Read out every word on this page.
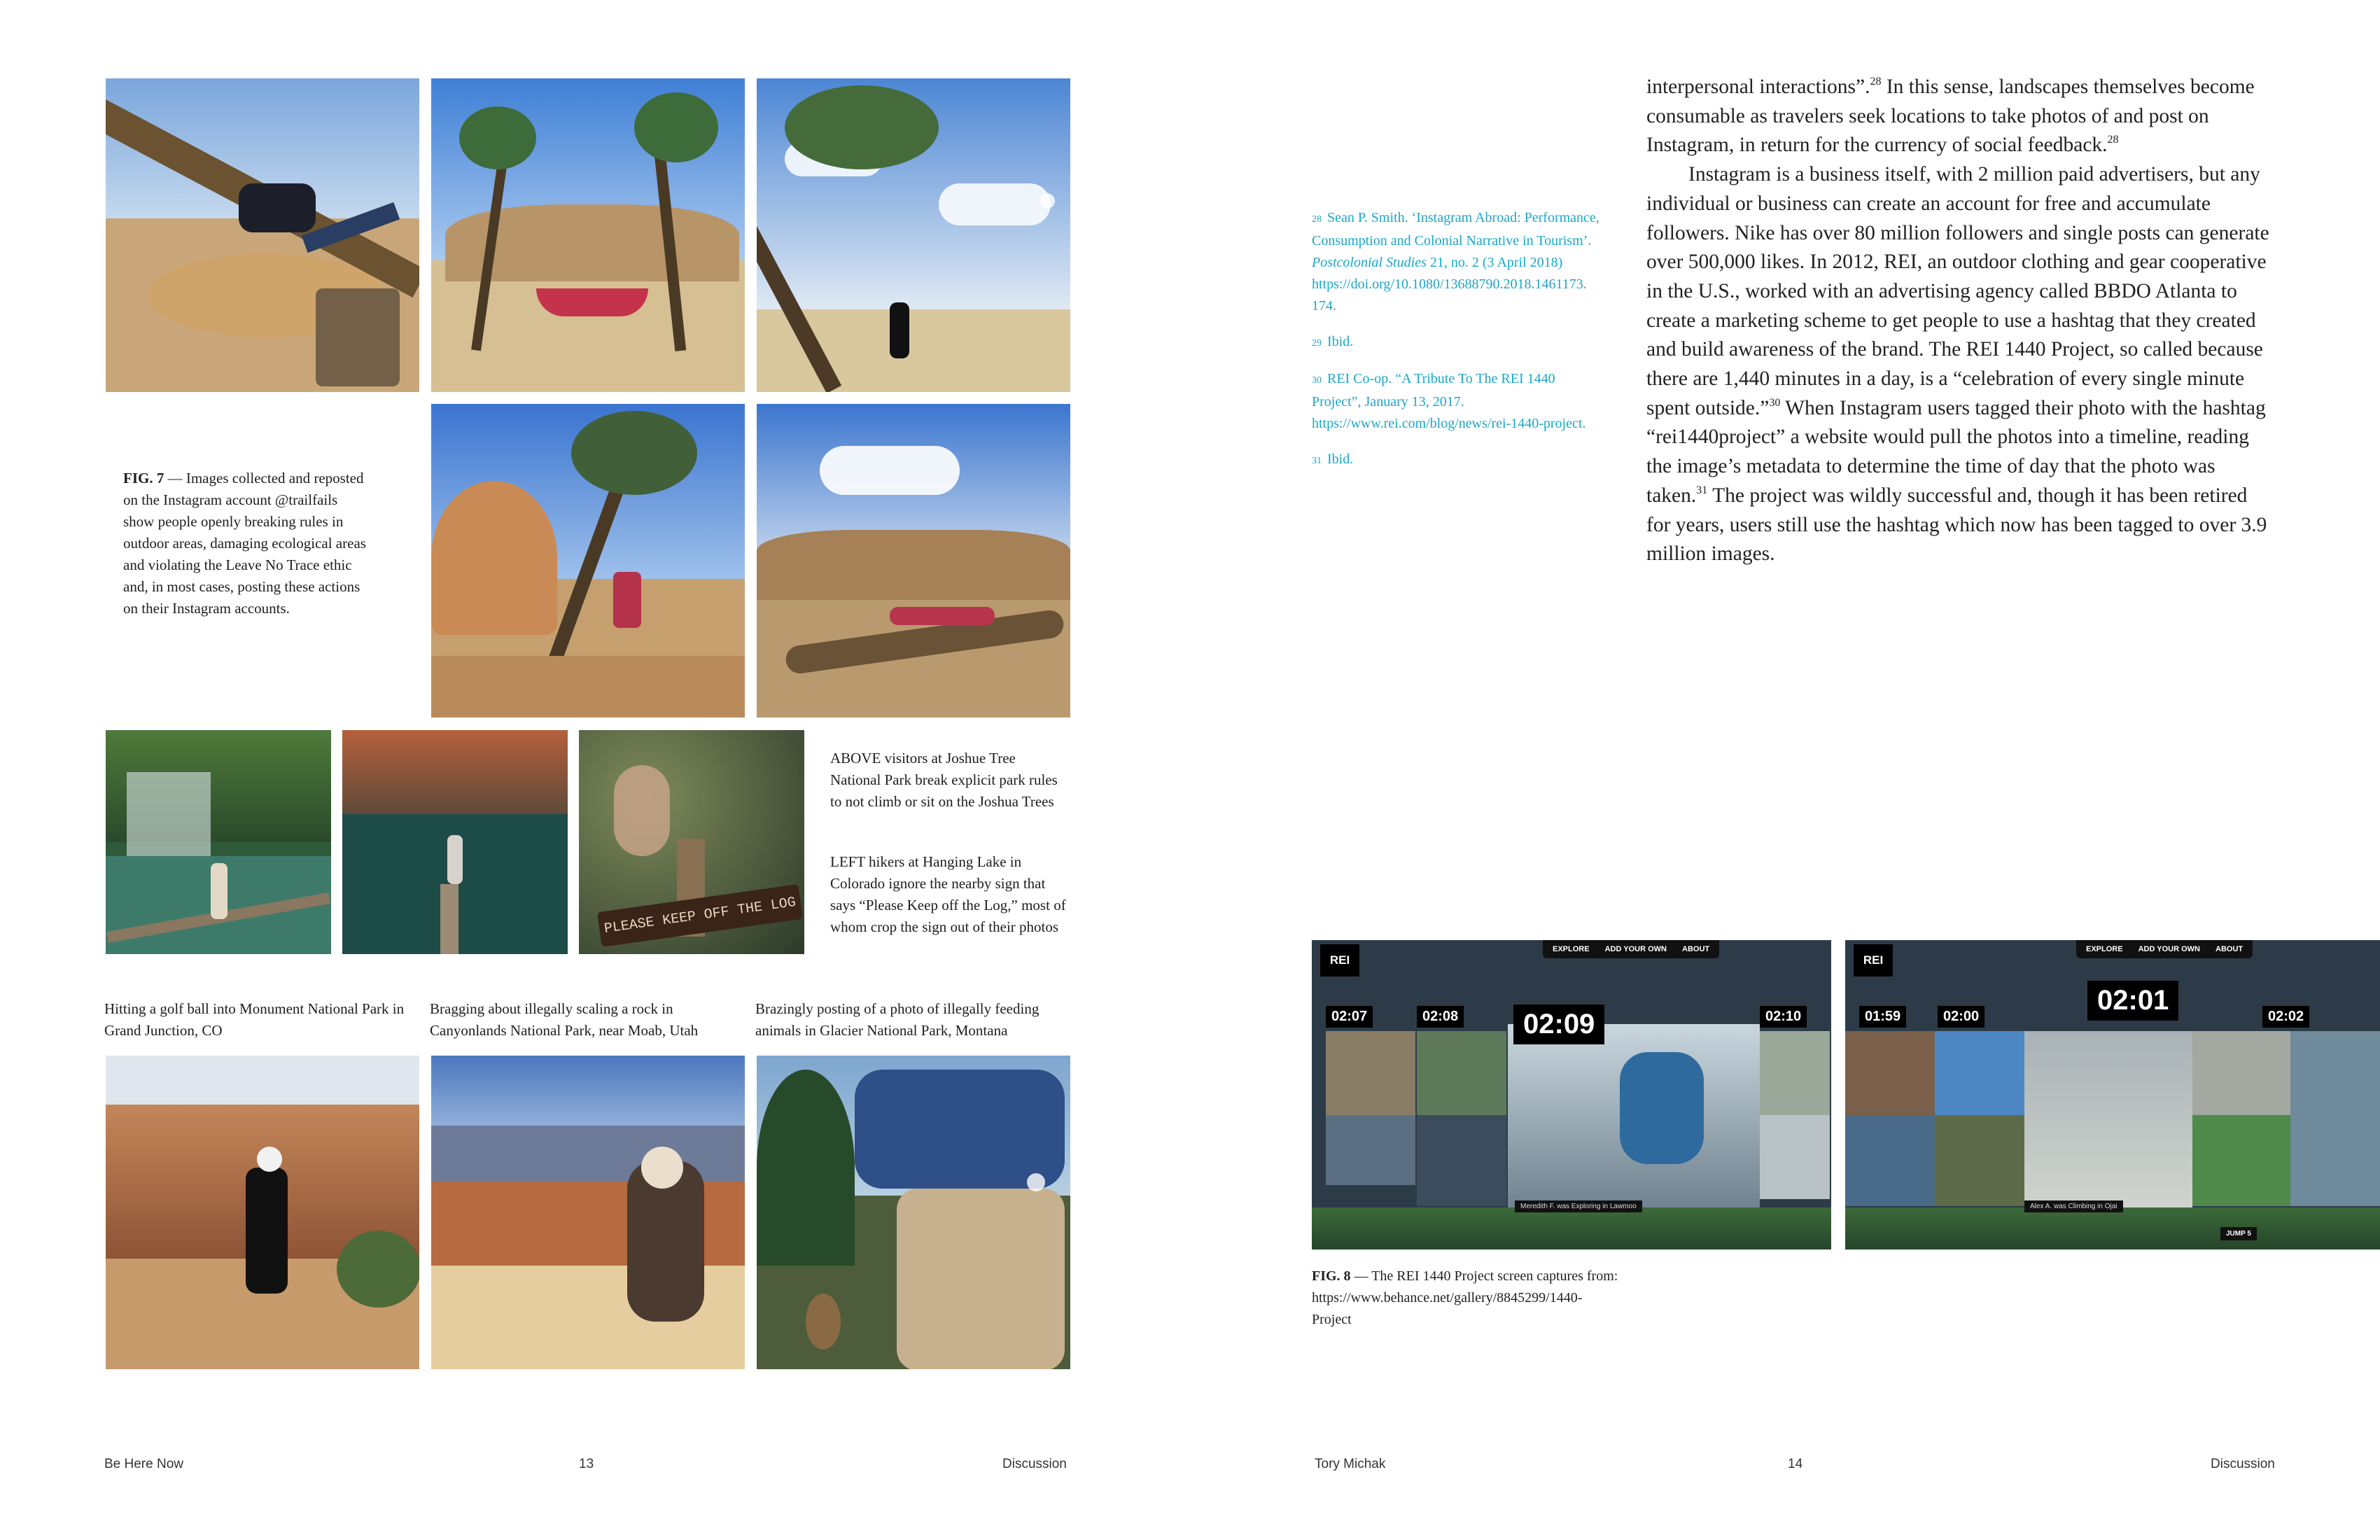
FIG. 7 — Images collected and reposted on the Instagram account @trailfails show people openly breaking rules in outdoor areas, damaging ecological areas and violating the Leave No Trace ethic and, in most cases, posting these actions on their Instagram accounts.
PLEASE KEEP OFF THE LOG
ABOVE visitors at Joshue Tree National Park break explicit park rules to not climb or sit on the Joshua Trees
LEFT hikers at Hanging Lake in Colorado ignore the nearby sign that says “Please Keep off the Log,” most of whom crop the sign out of their photos
Hitting a golf ball into Monument National Park in Grand Junction, CO
Bragging about illegally scaling a rock in Canyonlands National Park, near Moab, Utah
Brazingly posting of a photo of illegally feeding animals in Glacier National Park, Montana
Be Here Now	13	Discussion
28 Sean P. Smith. ‘Instagram Abroad: Performance, Consumption and Colonial Narrative in Tourism’. Postcolonial Studies 21, no. 2 (3 April 2018) https://doi.org/10.1080/13688790.2018.1461173. 174.
29 Ibid.
30 REI Co-op. “A Tribute To The REI 1440 Project”, January 13, 2017. https://www.rei.com/blog/news/rei-1440-project.
31 Ibid.

interpersonal interactions”.$^{28}$ In this sense, landscapes themselves become consumable as travelers seek locations to take photos of and post on Instagram, in return for the currency of social feedback.$^{28}$

Instagram is a business itself, with 2 million paid advertisers, but any individual or business can create an account for free and accumulate followers. Nike has over 80 million followers and single posts can generate over 500,000 likes. In 2012, REI, an outdoor clothing and gear cooperative in the U.S., worked with an advertising agency called BBDO Atlanta to create a marketing scheme to get people to use a hashtag that they created and build awareness of the brand. The REI 1440 Project, so called because there are 1,440 minutes in a day, is a “celebration of every single minute spent outside.”$^{30}$ When Instagram users tagged their photo with the hashtag “rei1440project” a website would pull the photos into a timeline, reading the image’s metadata to determine the time of day that the photo was taken.$^{31}$ The project was wildly successful and, though it has been retired for years, users still use the hashtag which now has been tagged to over 3.9 million images.

REI
EXPLORE ADD YOUR OWN ABOUT
02:07	02:08	02:09	02:10
Meredith F. was Exploring in Lawmoo
REI
EXPLORE ADD YOUR OWN ABOUT
01:59	02:00
02:01
02:02
Alex A. was Climbing in Ojai
JUMP 5
FIG. 8 — The REI 1440 Project screen captures from: https://www.behance.net/gallery/8845299/1440-Project
Tory Michak	14	Discussion
